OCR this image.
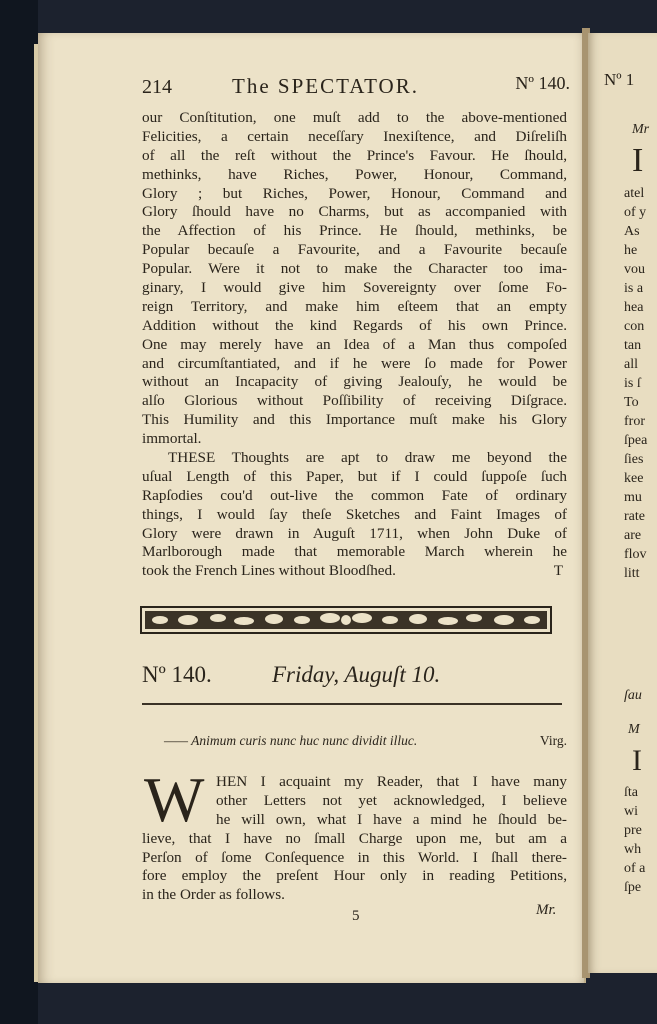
214	The SPECTATOR.	Nº 140.
our Conſtitution, one muſt add to the above-mentioned
Felicities, a certain neceſſary Inexiſtence, and Diſreliſh
of all the reſt without the Prince's Favour. He ſhould,
methinks, have Riches, Power, Honour, Command,
Glory ; but Riches, Power, Honour, Command and
Glory ſhould have no Charms, but as accompanied with
the Affection of his Prince. He ſhould, methinks, be
Popular becauſe a Favourite, and a Favourite becauſe
Popular. Were it not to make the Character too ima-
ginary, I would give him Sovereignty over ſome Fo-
reign Territory, and make him eſteem that an empty
Addition without the kind Regards of his own Prince.
One may merely have an Idea of a Man thus compoſed
and circumſtantiated, and if he were ſo made for Power
without an Incapacity of giving Jealouſy, he would be
alſo Glorious without Poſſibility of receiving Diſgrace.
This Humility and this Importance muſt make his Glory
immortal.
THESE Thoughts are apt to draw me beyond the
uſual Length of this Paper, but if I could ſuppoſe ſuch
Rapſodies cou'd out-live the common Fate of ordinary
things, I would ſay theſe Sketches and Faint Images of
Glory were drawn in Auguſt 1711, when John Duke of
Marlborough made that memorable March wherein he
took the French Lines without Bloodſhed.	T
Nº 140.	Friday, Auguſt 10.
—— Animum curis nunc huc nunc dividit illuc.	Virg.
W HEN I acquaint my Reader, that I have many
other Letters not yet acknowledged, I believe
he will own, what I have a mind he ſhould be-
lieve, that I have no ſmall Charge upon me, but am a
Perſon of ſome Conſequence in this World. I ſhall there-
fore employ the preſent Hour only in reading Petitions,
in the Order as follows.
5	Mr.
Nº 1
Mr
I
atel
of y
As
he
vou
is a
hea
con
tan
all
is ſ
To
fror
ſpea
ſies
kee
mu
rate
are
flov
litt
ſau
M
I
ſta
wi
pre
wh
of a
ſpe
